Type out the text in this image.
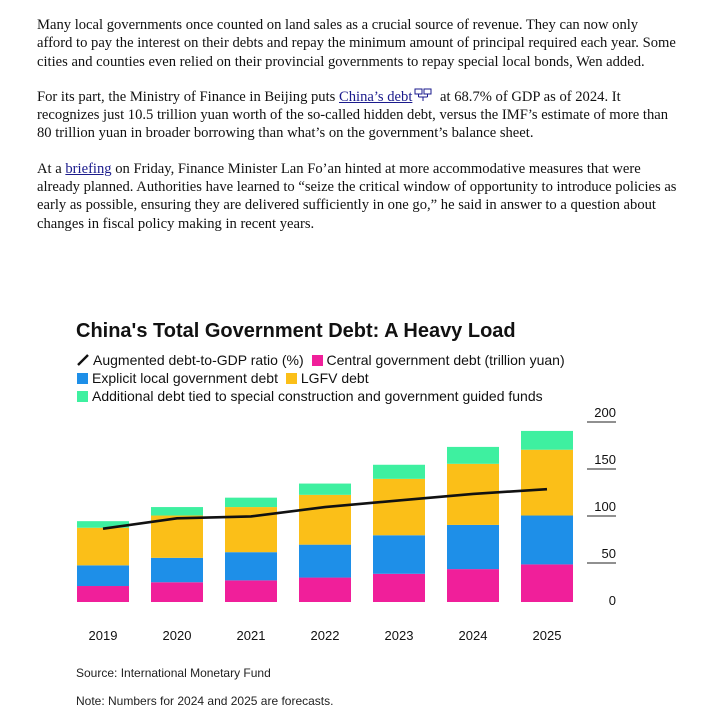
Many local governments once counted on land sales as a crucial source of revenue. They can now only afford to pay the interest on their debts and repay the minimum amount of principal required each year. Some cities and counties even relied on their provincial governments to repay special local bonds, Wen added.

For its part, the Ministry of Finance in Beijing puts China’s debt at 68.7% of GDP as of 2024. It recognizes just 10.5 trillion yuan worth of the so-called hidden debt, versus the IMF’s estimate of more than 80 trillion yuan in broader borrowing than what’s on the government’s balance sheet.

At a briefing on Friday, Finance Minister Lan Fo’an hinted at more accommodative measures that were already planned. Authorities have learned to “seize the critical window of opportunity to introduce policies as early as possible, ensuring they are delivered sufficiently in one go,” he said in answer to a question about changes in fiscal policy making in recent years.

China's Total Government Debt: A Heavy Load
Augmented debt-to-GDP ratio (%) Central government debt (trillion yuan)
Explicit local government debt LGFV debt
Additional debt tied to special construction and government guided funds
0
50
100
150
200
2019	2020	2021	2022	2023	2024	2025
Source: International Monetary Fund
Note: Numbers for 2024 and 2025 are forecasts.
